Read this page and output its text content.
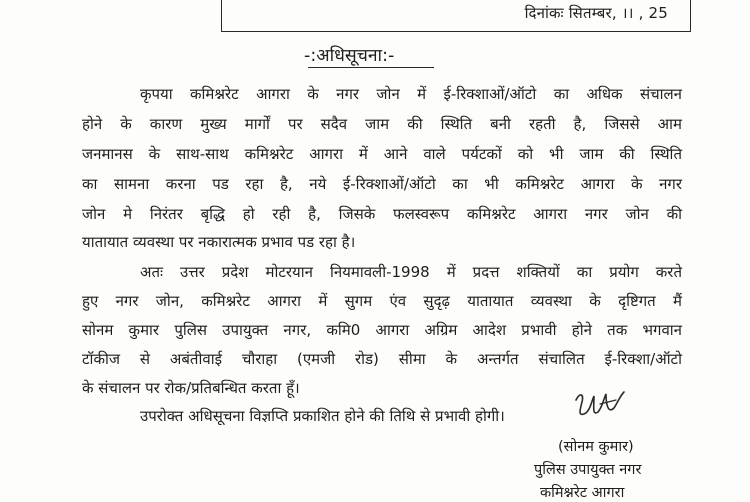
दिनांकः सितम्बर, ।। , 25
-:अधिसूचना:-
कृपया कमिश्नरेट आगरा के नगर जोन में ई-रिक्शाओं/ऑटो का अधिक संचालन
होने के कारण मुख्य मार्गों पर सदैव जाम की स्थिति बनी रहती है, जिससे आम
जनमानस के साथ-साथ कमिश्नरेट आगरा में आने वाले पर्यटकों को भी जाम की स्थिति
का सामना करना पड रहा है, नये ई-रिक्शाओं/ऑटो का भी कमिश्नरेट आगरा के नगर
जोन मे निरंतर बृद्धि हो रही है, जिसके फलस्वरूप कमिश्नरेट आगरा नगर जोन की
यातायात व्यवस्था पर नकारात्मक प्रभाव पड रहा है।
अतः उत्तर प्रदेश मोटरयान नियमावली-1998 में प्रदत्त शक्तियों का प्रयोग करते
हुए नगर जोन, कमिश्नरेट आगरा में सुगम एंव सुदृढ़ यातायात व्यवस्था के दृष्टिगत मैं
सोनम कुमार पुलिस उपायुक्त नगर, कमि0 आगरा अग्रिम आदेश प्रभावी होने तक भगवान
टॉकीज से अबंतीवाई चौराहा (एमजी रोड) सीमा के अन्तर्गत संचालित ई-रिक्शा/ऑटो
के संचालन पर रोक/प्रतिबन्धित करता हूँ।
उपरोक्त अधिसूचना विज्ञप्ति प्रकाशित होने की तिथि से प्रभावी होगी।
(सोनम कुमार)
पुलिस उपायुक्त नगर
कमिश्नरेट आगरा
